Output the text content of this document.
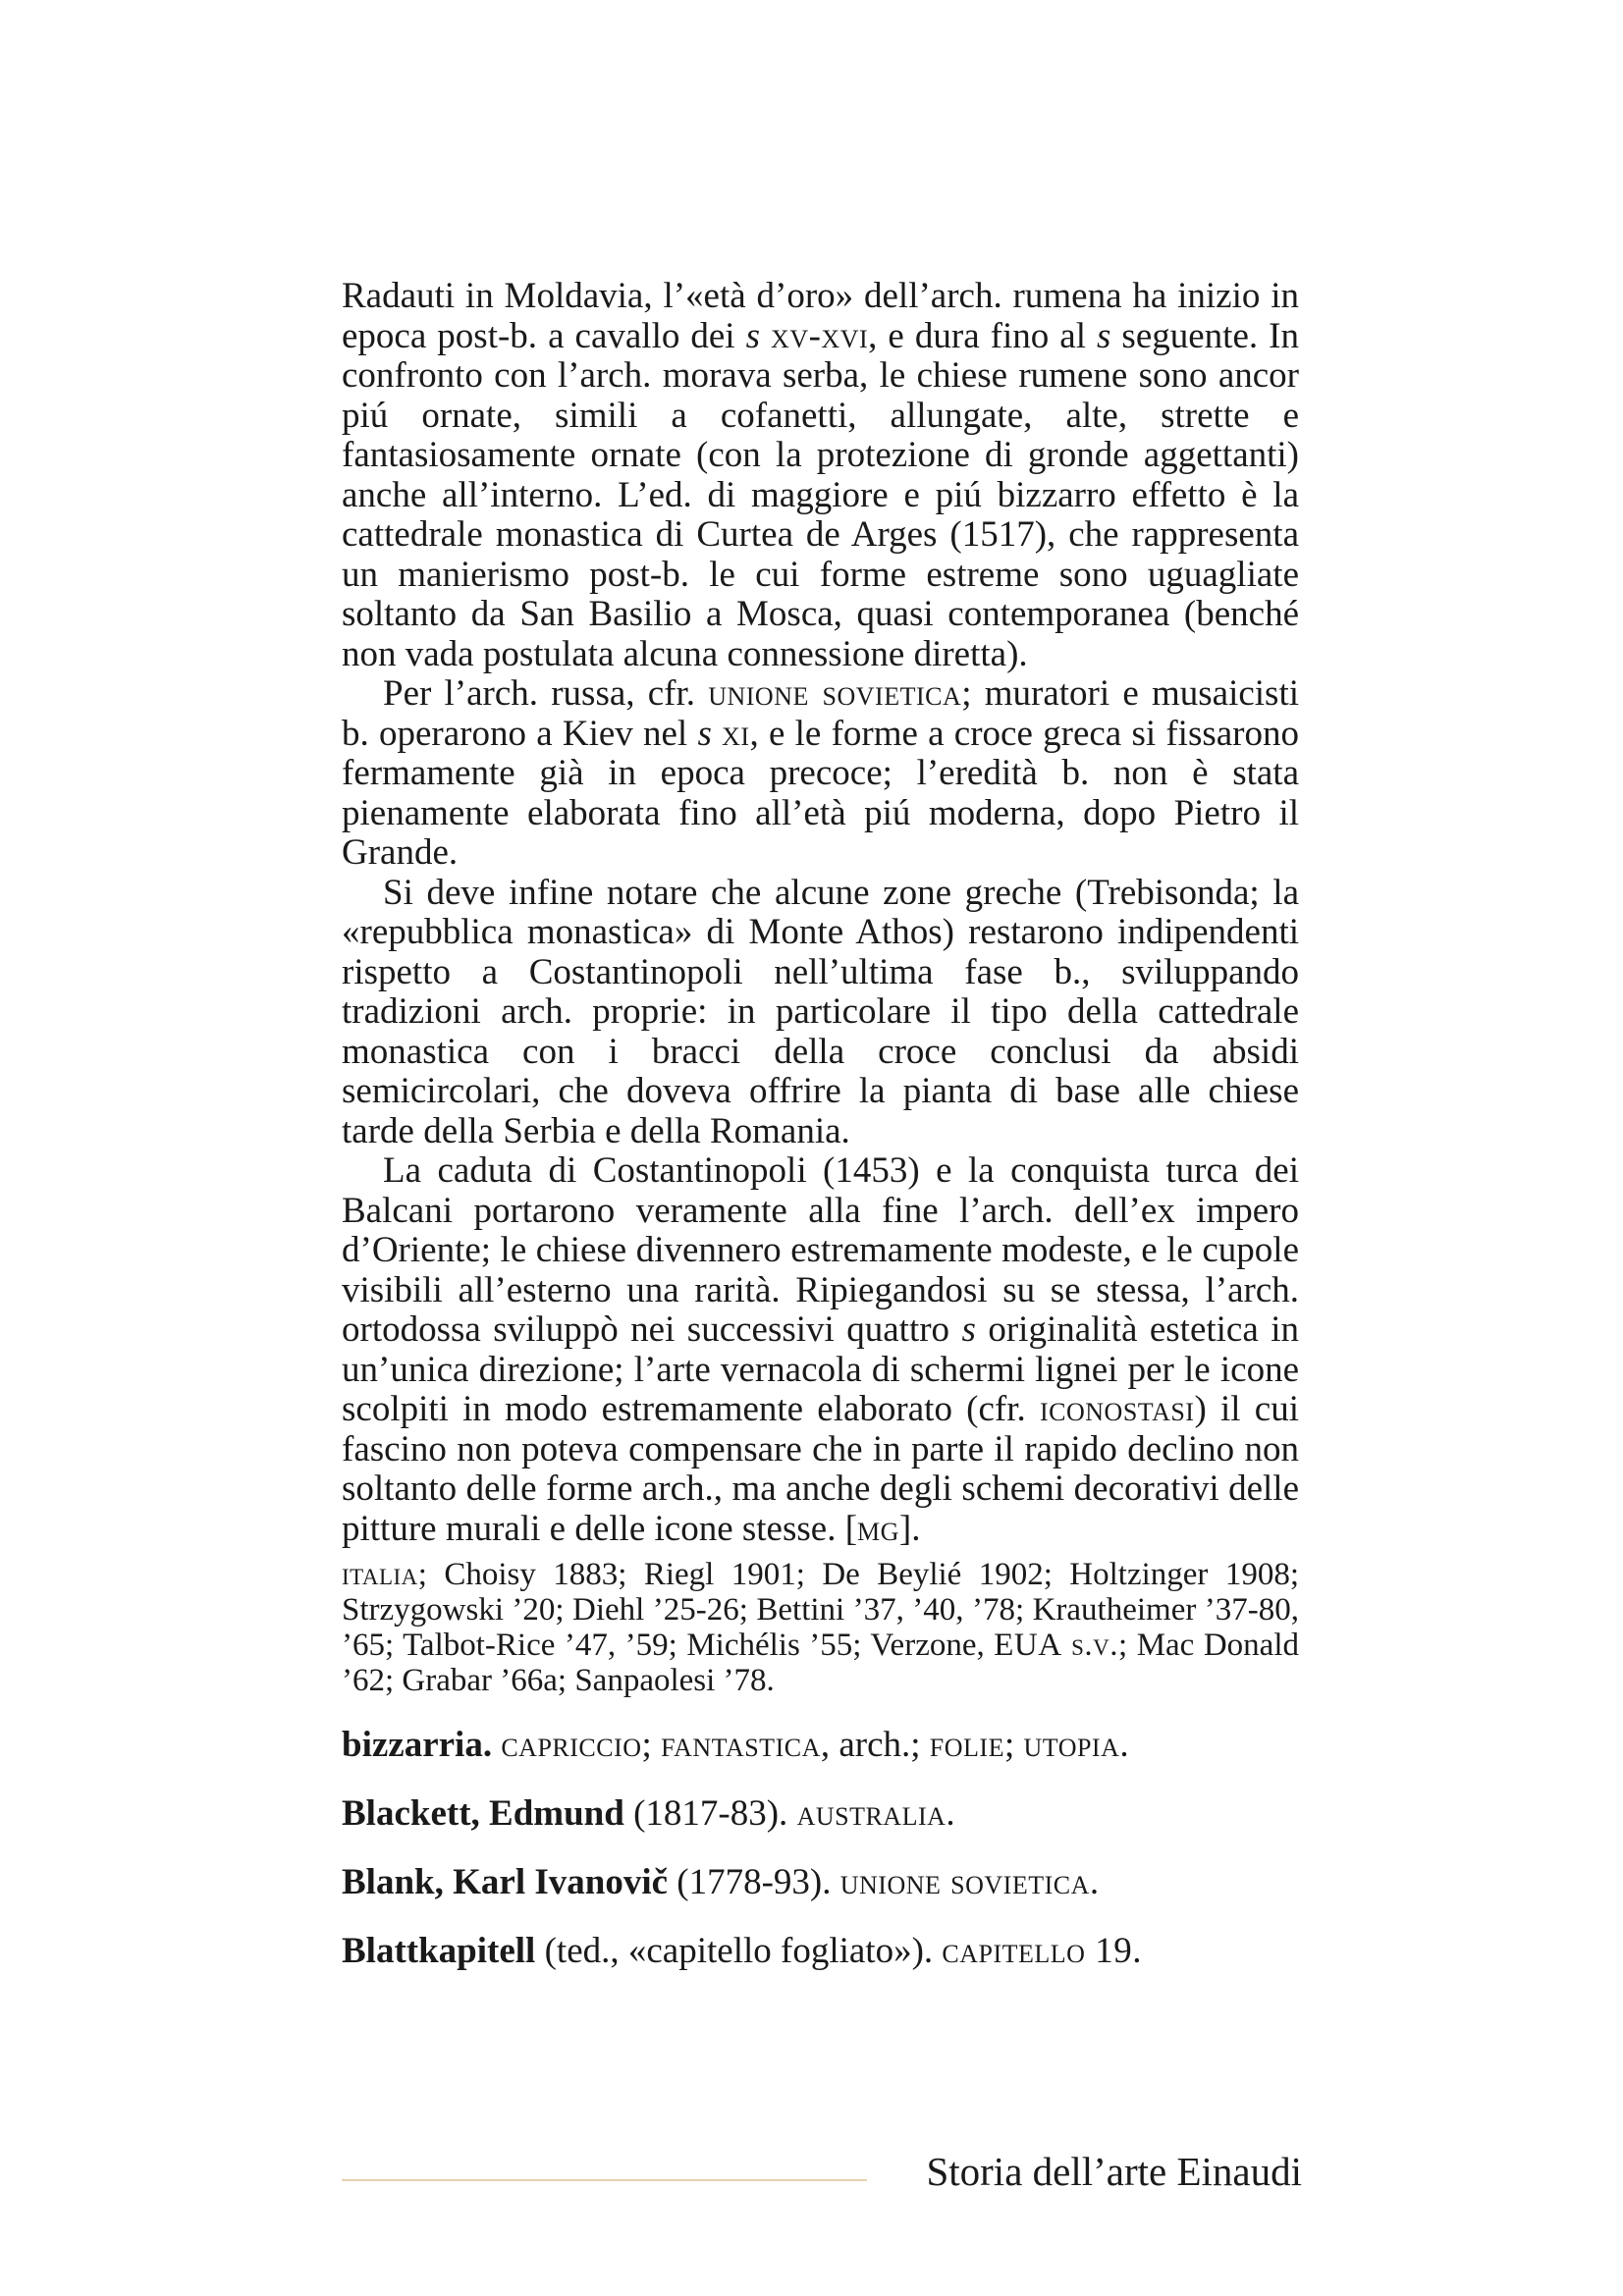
Radauti in Moldavia, l’«età d’oro» dell’arch. rumena ha inizio in epoca post-b. a cavallo dei s xv-xvi, e dura fino al s seguente. In confronto con l’arch. morava serba, le chiese rumene sono ancor piú ornate, simili a cofanetti, allungate, alte, strette e fantasiosamente ornate (con la protezione di gronde aggettanti) anche all’interno. L’ed. di maggiore e piú bizzarro effetto è la cattedrale monastica di Curtea de Arges (1517), che rappresenta un manierismo post-b. le cui forme estreme sono uguagliate soltanto da San Basilio a Mosca, quasi contemporanea (benché non vada postulata alcuna connessione diretta).

Per l’arch. russa, cfr. unione sovietica; muratori e musaicisti b. operarono a Kiev nel s xi, e le forme a croce greca si fissarono fermamente già in epoca precoce; l’eredità b. non è stata pienamente elaborata fino all’età piú moderna, dopo Pietro il Grande.

Si deve infine notare che alcune zone greche (Trebisonda; la «repubblica monastica» di Monte Athos) restarono indipendenti rispetto a Costantinopoli nell’ultima fase b., sviluppando tradizioni arch. proprie: in particolare il tipo della cattedrale monastica con i bracci della croce conclusi da absidi semicircolari, che doveva offrire la pianta di base alle chiese tarde della Serbia e della Romania.

La caduta di Costantinopoli (1453) e la conquista turca dei Balcani portarono veramente alla fine l’arch. dell’ex impero d’Oriente; le chiese divennero estremamente modeste, e le cupole visibili all’esterno una rarità. Ripiegandosi su se stessa, l’arch. ortodossa sviluppò nei successivi quattro s originalità estetica in un’unica direzione; l’arte vernacola di schermi lignei per le icone scolpiti in modo estremamente elaborato (cfr. iconostasi) il cui fascino non poteva compensare che in parte il rapido declino non soltanto delle forme arch., ma anche degli schemi decorativi delle pitture murali e delle icone stesse. [mg].

italia; Choisy 1883; Riegl 1901; De Beylié 1902; Holtzinger 1908; Strzygowski ’20; Diehl ’25-26; Bettini ’37, ’40, ’78; Krautheimer ’37-80, ’65; Talbot-Rice ’47, ’59; Michélis ’55; Verzone, EUA s.v.; Mac Donald ’62; Grabar ’66a; Sanpaolesi ’78.

bizzarria. capriccio; fantastica, arch.; folie; utopia.

Blackett, Edmund (1817-83). australia.

Blank, Karl Ivanovič (1778-93). unione sovietica.

Blattkapitell (ted., «capitello fogliato»). capitello 19.

Storia dell’arte Einaudi
